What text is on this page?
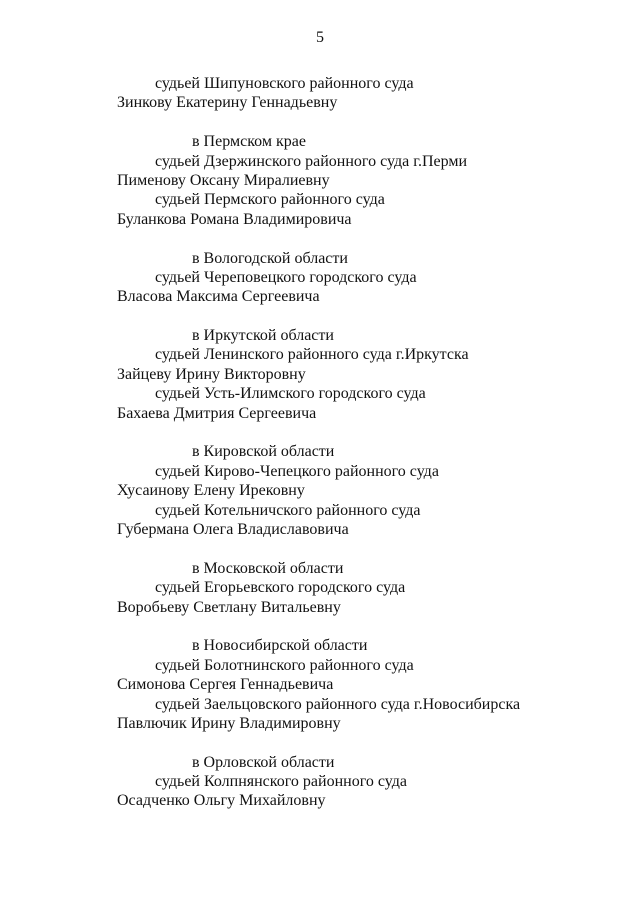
5
судьей Шипуновского районного суда
Зинкову Екатерину Геннадьевну
в Пермском крае
судьей Дзержинского районного суда г.Перми
Пименову Оксану Миралиевну
судьей Пермского районного суда
Буланкова Романа Владимировича
в Вологодской области
судьей Череповецкого городского суда
Власова Максима Сергеевича
в Иркутской области
судьей Ленинского районного суда г.Иркутска
Зайцеву Ирину Викторовну
судьей Усть-Илимского городского суда
Бахаева Дмитрия Сергеевича
в Кировской области
судьей Кирово-Чепецкого районного суда
Хусаинову Елену Ирековну
судьей Котельничского районного суда
Губермана Олега Владиславовича
в Московской области
судьей Егорьевского городского суда
Воробьеву Светлану Витальевну
в Новосибирской области
судьей Болотнинского районного суда
Симонова Сергея Геннадьевича
судьей Заельцовского районного суда г.Новосибирска
Павлючик Ирину Владимировну
в Орловской области
судьей Колпнянского районного суда
Осадченко Ольгу Михайловну
